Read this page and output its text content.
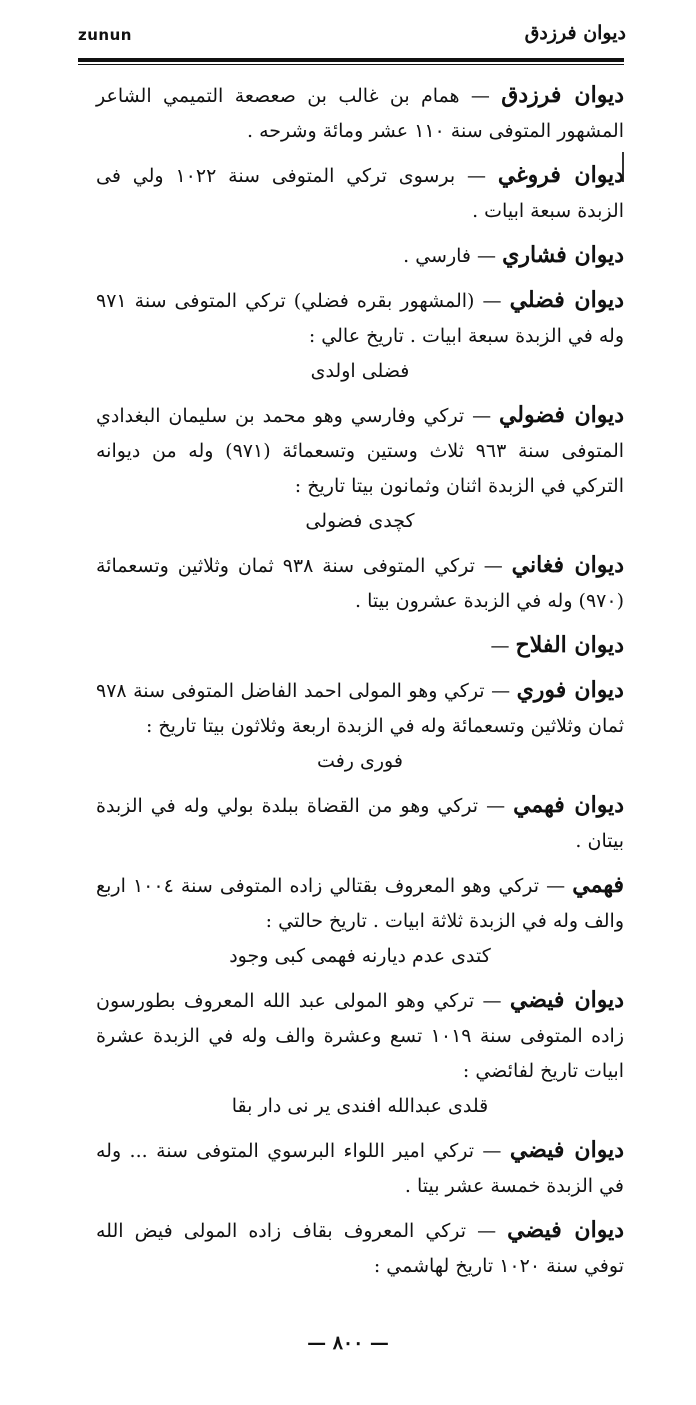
zunun	ديوان فرزدق

ديوان فرزدق — همام بن غالب بن صعصعة التميمي الشاعر المشهور المتوفى سنة ١١٠ عشر ومائة وشرحه .

ديوان فروغي — برسوى تركي المتوفى سنة ١٠٢٢ ولي فى الزبدة سبعة ابيات .

ديوان فشاري — فارسي .

ديوان فضلي — (المشهور بقره فضلي) تركي المتوفى سنة ٩٧١ وله في الزبدة سبعة ابيات . تاريخ عالي :

فضلى اولدى

ديوان فضولي — تركي وفارسي وهو محمد بن سليمان البغدادي المتوفى سنة ٩٦٣ ثلاث وستين وتسعمائة (٩٧١) وله من ديوانه التركي في الزبدة اثنان وثمانون بيتا تاريخ :

كچدى فضولى

ديوان فغاني — تركي المتوفى سنة ٩٣٨ ثمان وثلاثين وتسعمائة (٩٧٠) وله في الزبدة عشرون بيتا .

ديوان الفلاح —

ديوان فوري — تركي وهو المولى احمد الفاضل المتوفى سنة ٩٧٨ ثمان وثلاثين وتسعمائة وله في الزبدة اربعة وثلاثون بيتا تاريخ :

فورى رفت

ديوان فهمي — تركي وهو من القضاة ببلدة بولي وله في الزبدة بيتان .

فهمي — تركي وهو المعروف بقتالي زاده المتوفى سنة ١٠٠٤ اربع والف وله في الزبدة ثلاثة ابيات . تاريخ حالتي :

كتدى عدم ديارنه فهمى كبى وجود

ديوان فيضي — تركي وهو المولى عبد الله المعروف بطورسون زاده المتوفى سنة ١٠١٩ تسع وعشرة والف وله في الزبدة عشرة ابيات تاريخ لفائضي :

قلدى عبدالله افندى ير نى دار بقا

ديوان فيضي — تركي امير اللواء البرسوي المتوفى سنة ... وله في الزبدة خمسة عشر بيتا .

ديوان فيضي — تركي المعروف بقاف زاده المولى فيض الله توفي سنة ١٠٢٠ تاريخ لهاشمي :

— ٨٠٠ —
